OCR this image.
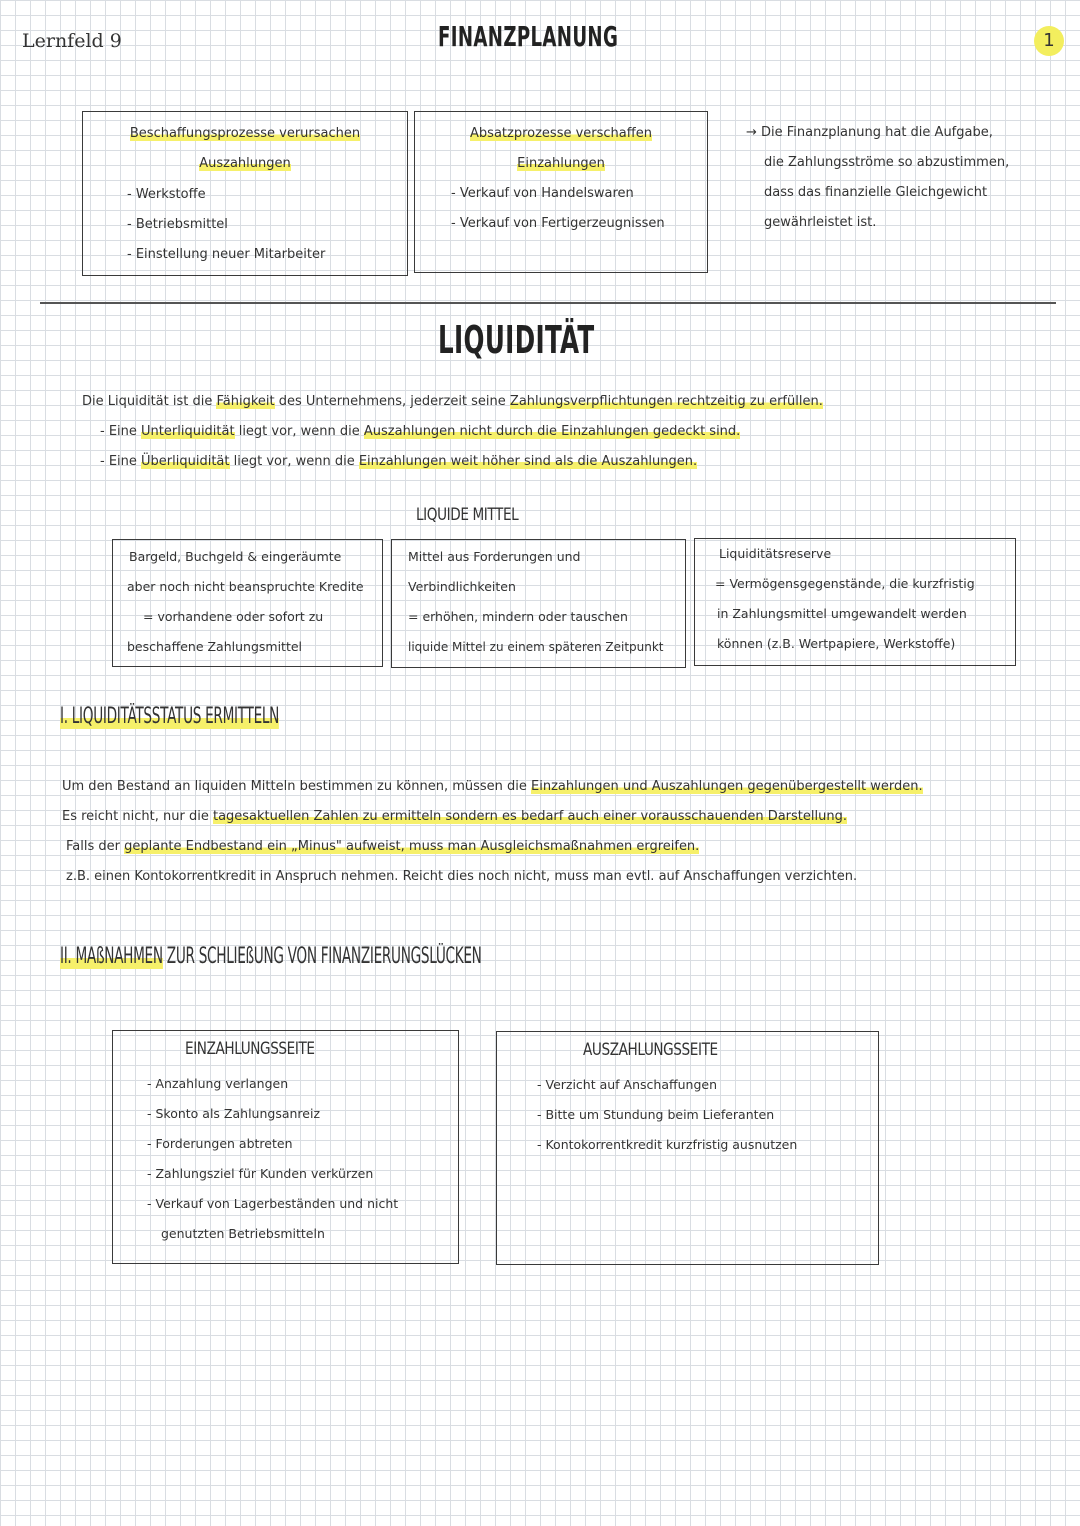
Lernfeld 9	FINANZPLANUNG	1
Beschaffungsprozesse verursachen
Auszahlungen
- Werkstoffe
- Betriebsmittel
- Einstellung neuer Mitarbeiter
Absatzprozesse verschaffen
Einzahlungen
- Verkauf von Handelswaren
- Verkauf von Fertigerzeugnissen
→ Die Finanzplanung hat die Aufgabe,
die Zahlungsströme so abzustimmen,
dass das finanzielle Gleichgewicht
gewährleistet ist.
LIQUIDITÄT
Die Liquidität ist die Fähigkeit des Unternehmens, jederzeit seine Zahlungsverpflichtungen rechtzeitig zu erfüllen.
- Eine Unterliquidität liegt vor, wenn die Auszahlungen nicht durch die Einzahlungen gedeckt sind.
- Eine Überliquidität liegt vor, wenn die Einzahlungen weit höher sind als die Auszahlungen.
LIQUIDE MITTEL
Bargeld, Buchgeld & eingeräumte
aber noch nicht beanspruchte Kredite
= vorhandene oder sofort zu
beschaffene Zahlungsmittel
Mittel aus Forderungen und
Verbindlichkeiten
= erhöhen, mindern oder tauschen
liquide Mittel zu einem späteren Zeitpunkt
Liquiditätsreserve
= Vermögensgegenstände, die kurzfristig
in Zahlungsmittel umgewandelt werden
können (z.B. Wertpapiere, Werkstoffe)
I. LIQUIDITÄTSSTATUS ERMITTELN
Um den Bestand an liquiden Mitteln bestimmen zu können, müssen die Einzahlungen und Auszahlungen gegenübergestellt werden.
Es reicht nicht, nur die tagesaktuellen Zahlen zu ermitteln sondern es bedarf auch einer vorausschauenden Darstellung.
Falls der geplante Endbestand ein „Minus" aufweist, muss man Ausgleichsmaßnahmen ergreifen.
z.B. einen Kontokorrentkredit in Anspruch nehmen. Reicht dies noch nicht, muss man evtl. auf Anschaffungen verzichten.
II. MAßNAHMEN ZUR SCHLIEßUNG VON FINANZIERUNGSLÜCKEN
EINZAHLUNGSSEITE
- Anzahlung verlangen
- Skonto als Zahlungsanreiz
- Forderungen abtreten
- Zahlungsziel für Kunden verkürzen
- Verkauf von Lagerbeständen und nicht
genutzten Betriebsmitteln
AUSZAHLUNGSSEITE
- Verzicht auf Anschaffungen
- Bitte um Stundung beim Lieferanten
- Kontokorrentkredit kurzfristig ausnutzen
